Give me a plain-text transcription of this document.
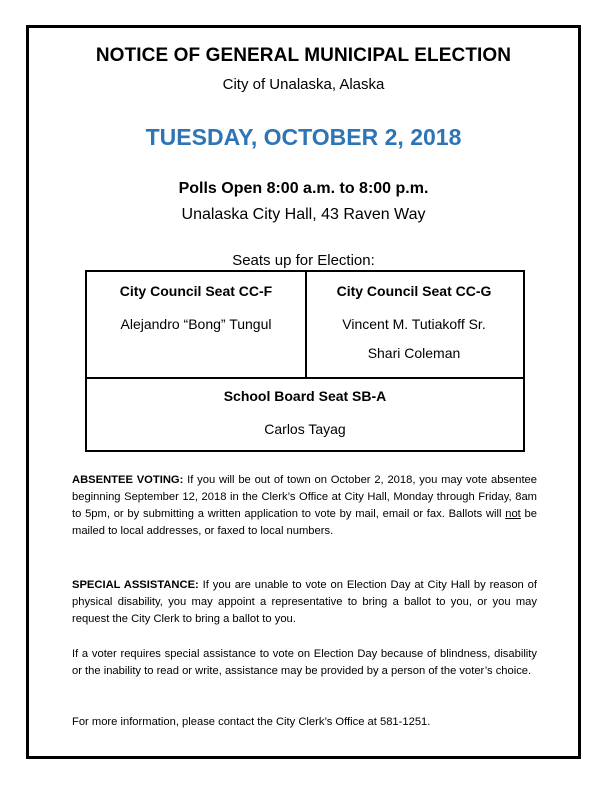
NOTICE OF GENERAL MUNICIPAL ELECTION
City of Unalaska, Alaska
TUESDAY, OCTOBER 2, 2018
Polls Open 8:00 a.m. to 8:00 p.m.
Unalaska City Hall, 43 Raven Way
Seats up for Election:
City Council Seat CC-F
Alejandro “Bong” Tungul
City Council Seat CC-G
Vincent M. Tutiakoff Sr.
Shari Coleman
School Board Seat SB-A
Carlos Tayag
ABSENTEE VOTING: If you will be out of town on October 2, 2018, you may vote absentee beginning September 12, 2018 in the Clerk’s Office at City Hall, Monday through Friday, 8am to 5pm, or by submitting a written application to vote by mail, email or fax. Ballots will not be mailed to local addresses, or faxed to local numbers.
SPECIAL ASSISTANCE: If you are unable to vote on Election Day at City Hall by reason of physical disability, you may appoint a representative to bring a ballot to you, or you may request the City Clerk to bring a ballot to you.
If a voter requires special assistance to vote on Election Day because of blindness, disability or the inability to read or write, assistance may be provided by a person of the voter’s choice.
For more information, please contact the City Clerk’s Office at 581-1251.
